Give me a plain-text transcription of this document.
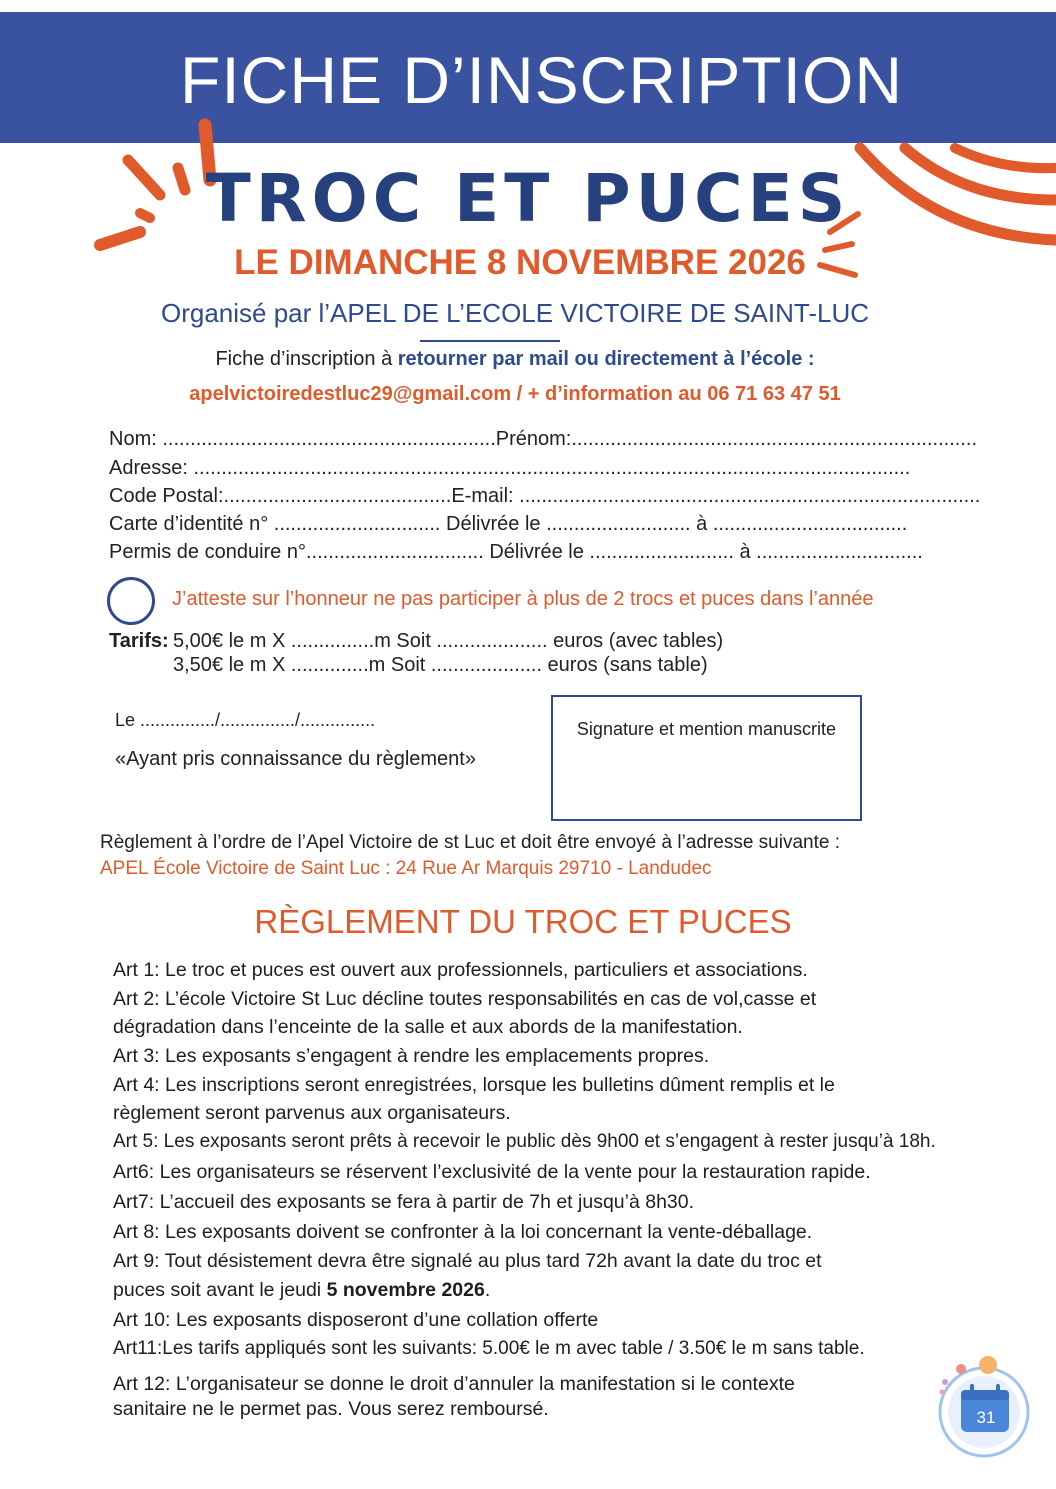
FICHE D’INSCRIPTION
TROC ET PUCES
LE DIMANCHE 8 NOVEMBRE 2026
Organisé par l’APEL DE L’ECOLE VICTOIRE DE SAINT-LUC
Fiche d’inscription à retourner par mail ou directement à l’école :
apelvictoiredestluc29@gmail.com / + d’information au 06 71 63 47 51
Nom: ............................................................Prénom:.........................................................................
Adresse: .................................................................................................................................
Code Postal:.........................................E-mail: ...................................................................................
Carte d’identité n° .............................. Délivrée le .......................... à ...................................
Permis de conduire n°................................ Délivrée le .......................... à ..............................
J’atteste sur l’honneur ne pas participer à plus de 2 trocs et puces dans l’année
Tarifs: 5,00€ le m X ...............m Soit .................... euros (avec tables)
3,50€ le m X ..............m Soit .................... euros (sans table)
Le .............../.............../...............
«Ayant pris connaissance du règlement»
Signature et mention manuscrite
Règlement à l’ordre de l’Apel Victoire de st Luc et doit être envoyé à l’adresse suivante :
APEL École Victoire de Saint Luc : 24 Rue Ar Marquis 29710 - Landudec
RÈGLEMENT DU TROC ET PUCES
Art 1: Le troc et puces est ouvert aux professionnels, particuliers et associations.
Art 2: L’école Victoire St Luc décline toutes responsabilités en cas de vol,casse et
dégradation dans l’enceinte de la salle et aux abords de la manifestation.
Art 3: Les exposants s’engagent à rendre les emplacements propres.
Art 4: Les inscriptions seront enregistrées, lorsque les bulletins dûment remplis et le
règlement seront parvenus aux organisateurs.
Art 5: Les exposants seront prêts à recevoir le public dès 9h00 et s’engagent à rester jusqu’à 18h.
Art6: Les organisateurs se réservent l’exclusivité de la vente pour la restauration rapide.
Art7: L’accueil des exposants se fera à partir de 7h et jusqu’à 8h30.
Art 8: Les exposants doivent se confronter à la loi concernant la vente-déballage.
Art 9: Tout désistement devra être signalé au plus tard 72h avant la date du troc et
puces soit avant le jeudi 5 novembre 2026.
Art 10: Les exposants disposeront d’une collation offerte
Art11:Les tarifs appliqués sont les suivants: 5.00€ le m avec table / 3.50€ le m sans table.
Art 12: L’organisateur se donne le droit d’annuler la manifestation si le contexte
sanitaire ne le permet pas. Vous serez remboursé.	31
